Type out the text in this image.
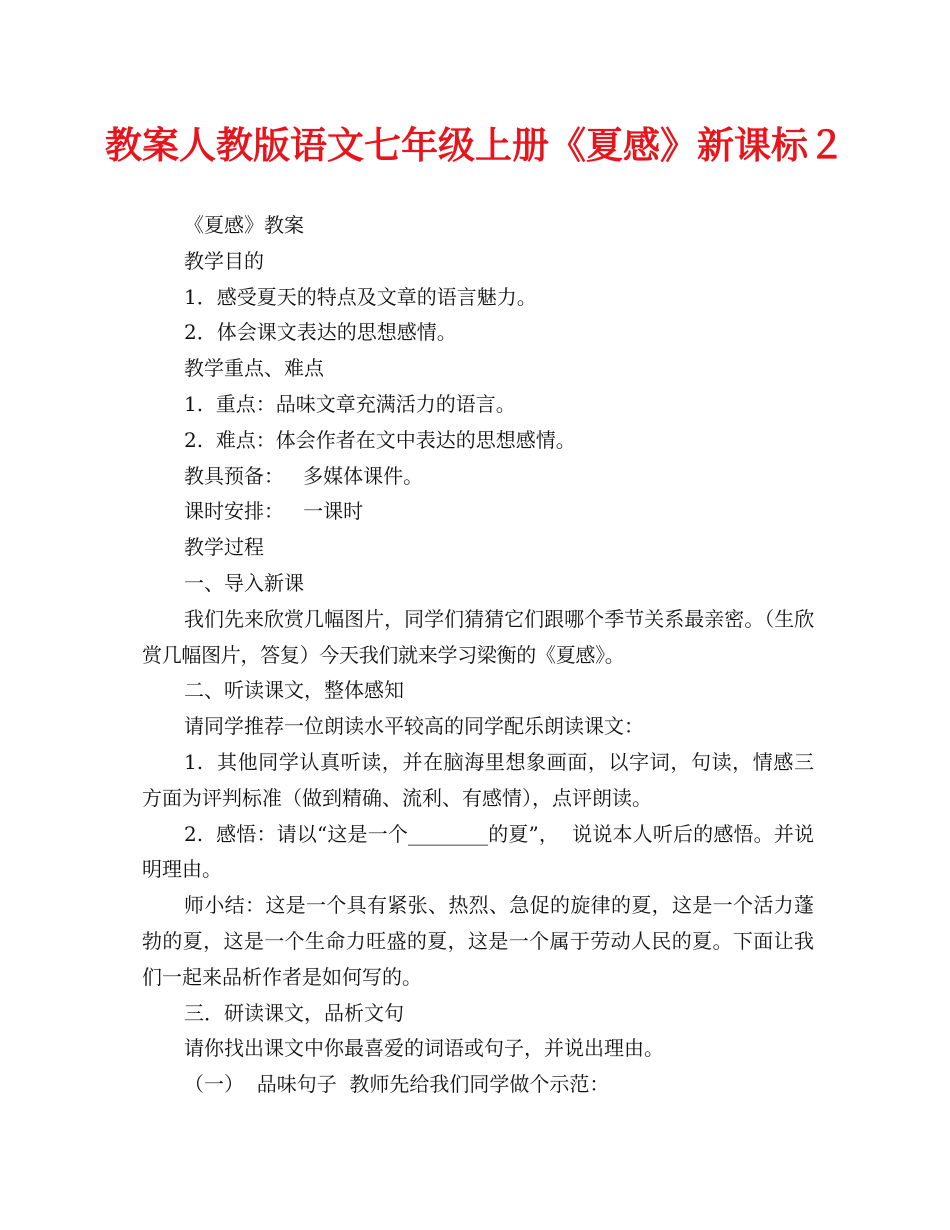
教案人教版语文七年级上册《夏感》新课标２

《夏感》教案

教学目的

1．感受夏天的特点及文章的语言魅力。

2．体会课文表达的思想感情。

教学重点、难点

1.  重点：品味文章充满活力的语言。

2.  难点：体会作者在文中表达的思想感情。

教具预备：   多媒体课件。

课时安排：   一课时

教学过程

一、导入新课

我们先来欣赏几幅图片，同学们猜猜它们跟哪个季节关系最亲密。（生欣赏几幅图片，答复）今天我们就来学习梁衡的《夏感》。

二、听读课文，整体感知

请同学推荐一位朗读水平较高的同学配乐朗读课文：

1.  其他同学认真听读，并在脑海里想象画面，以字词，句读，情感三方面为评判标准（做到精确、流利、有感情），点评朗读。

2.  感悟：请以“这是一个________的夏”，  说说本人听后的感悟。并说明理由。

师小结：这是一个具有紧张、热烈、急促的旋律的夏，这是一个活力蓬勃的夏，这是一个生命力旺盛的夏，这是一个属于劳动人民的夏。下面让我们一起来品析作者是如何写的。

三．研读课文，品析文句

请你找出课文中你最喜爱的词语或句子，并说出理由。

（一）  品味句子  教师先给我们同学做个示范：
